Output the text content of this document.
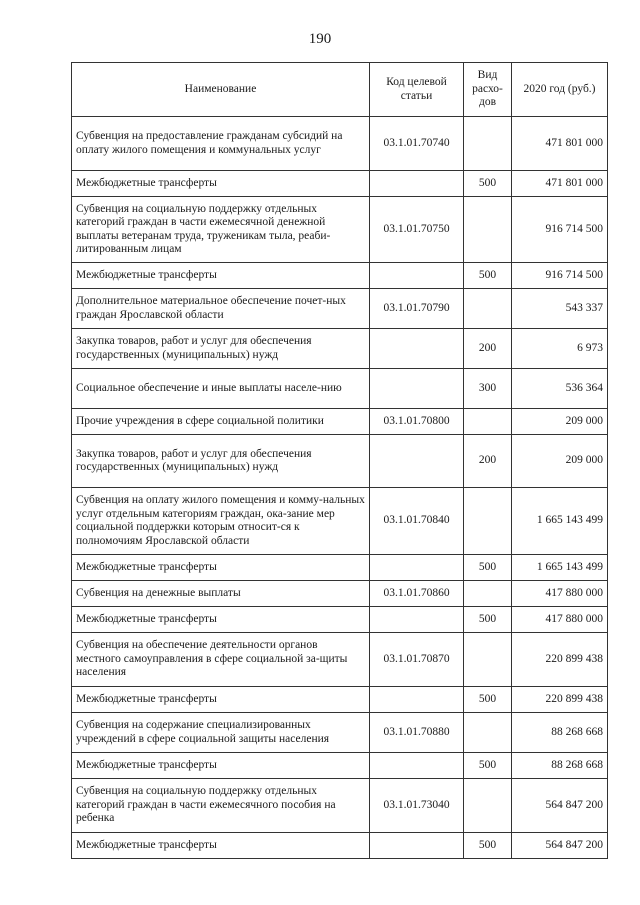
190
Наименование	Код целевой статьи	Вид расхо-дов	2020 год (руб.)
Субвенция на предоставление гражданам субсидий на оплату жилого помещения и коммунальных услуг	03.1.01.70740		471 801 000
Межбюджетные трансферты		500	471 801 000
Субвенция на социальную поддержку отдельных категорий граждан в части ежемесячной денежной выплаты ветеранам труда, труженикам тыла, реаби-литированным лицам	03.1.01.70750		916 714 500
Межбюджетные трансферты		500	916 714 500
Дополнительное материальное обеспечение почет-ных граждан Ярославской области	03.1.01.70790		543 337
Закупка товаров, работ и услуг для обеспечения государственных (муниципальных) нужд		200	6 973
Социальное обеспечение и иные выплаты населе-нию		300	536 364
Прочие учреждения в сфере социальной политики	03.1.01.70800		209 000
Закупка товаров, работ и услуг для обеспечения государственных (муниципальных) нужд		200	209 000
Субвенция на оплату жилого помещения и комму-нальных услуг отдельным категориям граждан, ока-зание мер социальной поддержки которым относит-ся к полномочиям Ярославской области	03.1.01.70840		1 665 143 499
Межбюджетные трансферты		500	1 665 143 499
Субвенция на денежные выплаты	03.1.01.70860		417 880 000
Межбюджетные трансферты		500	417 880 000
Субвенция на обеспечение деятельности органов местного самоуправления в сфере социальной за-щиты населения	03.1.01.70870		220 899 438
Межбюджетные трансферты		500	220 899 438
Субвенция на содержание специализированных учреждений в сфере социальной защиты населения	03.1.01.70880		88 268 668
Межбюджетные трансферты		500	88 268 668
Субвенция на социальную поддержку отдельных категорий граждан в части ежемесячного пособия на ребенка	03.1.01.73040		564 847 200
Межбюджетные трансферты		500	564 847 200
